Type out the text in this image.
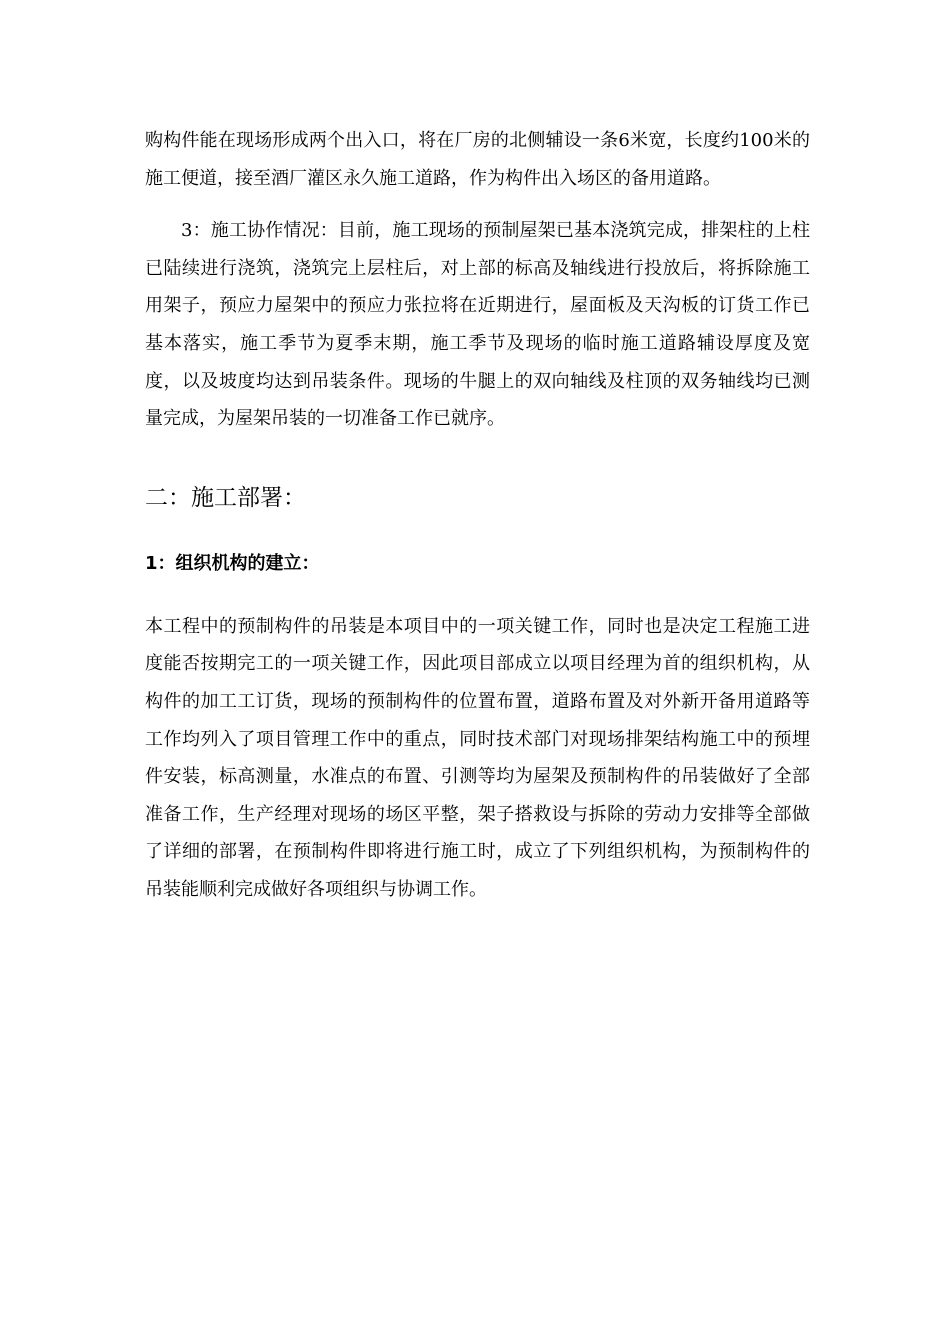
购构件能在现场形成两个出入口，将在厂房的北侧辅设一条6米宽，长度约100米的施工便道，接至酒厂灌区永久施工道路，作为构件出入场区的备用道路。

3：施工协作情况：目前，施工现场的预制屋架已基本浇筑完成，排架柱的上柱已陆续进行浇筑，浇筑完上层柱后，对上部的标高及轴线进行投放后，将拆除施工用架子，预应力屋架中的预应力张拉将在近期进行，屋面板及天沟板的订货工作已基本落实，施工季节为夏季末期，施工季节及现场的临时施工道路辅设厚度及宽度，以及坡度均达到吊装条件。现场的牛腿上的双向轴线及柱顶的双务轴线均已测量完成，为屋架吊装的一切准备工作已就序。

二：施工部署：
1：组织机构的建立：

本工程中的预制构件的吊装是本项目中的一项关键工作，同时也是决定工程施工进度能否按期完工的一项关键工作，因此项目部成立以项目经理为首的组织机构，从构件的加工工订货，现场的预制构件的位置布置，道路布置及对外新开备用道路等工作均列入了项目管理工作中的重点，同时技术部门对现场排架结构施工中的预埋件安装，标高测量，水准点的布置、引测等均为屋架及预制构件的吊装做好了全部准备工作，生产经理对现场的场区平整，架子搭救设与拆除的劳动力安排等全部做了详细的部署，在预制构件即将进行施工时，成立了下列组织机构，为预制构件的吊装能顺利完成做好各项组织与协调工作。
